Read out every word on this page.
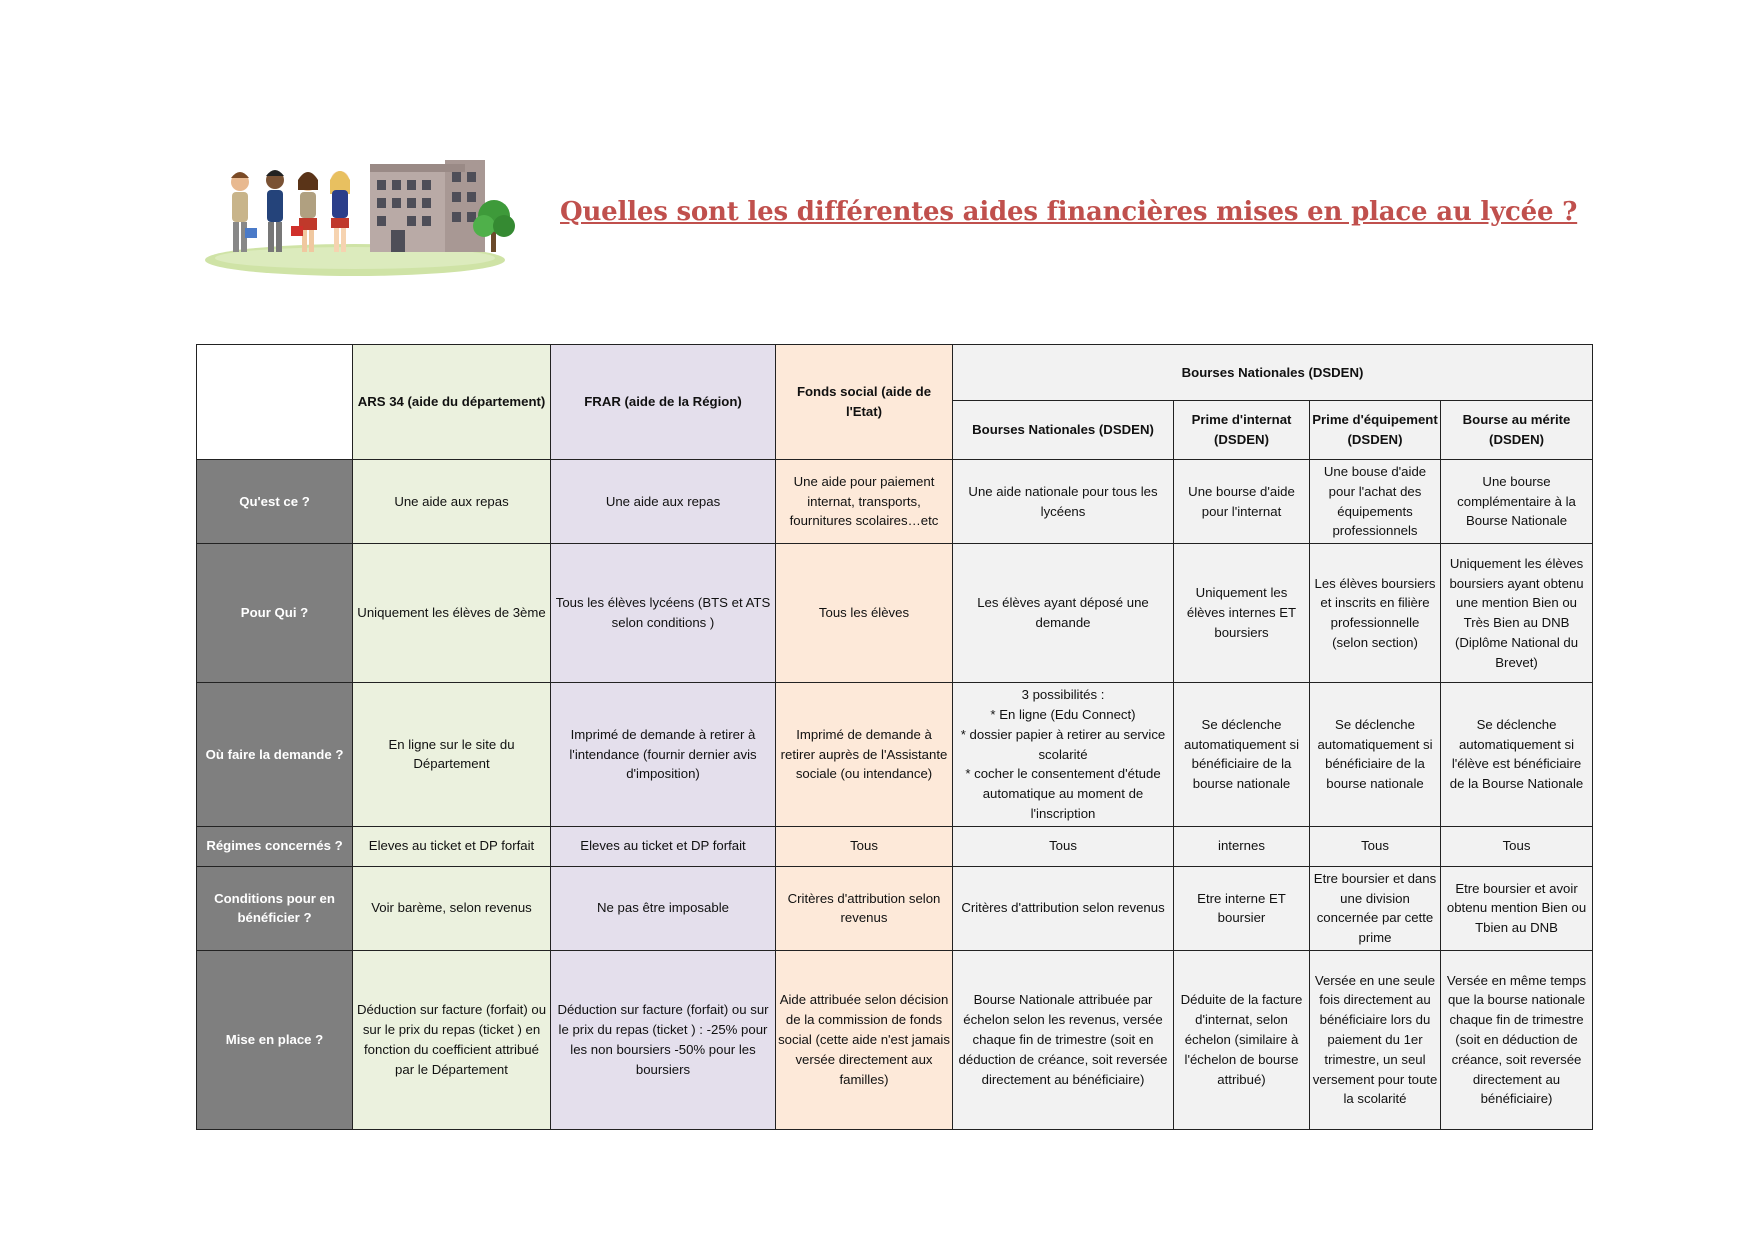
Quelles sont les différentes aides financières mises en place au lycée ?
	ARS 34 (aide du département)	FRAR (aide de la Région)	Fonds social (aide de l'Etat)	Bourses Nationales (DSDEN)			
				Bourses Nationales (DSDEN)	Prime d'internat (DSDEN)	Prime d'équipement (DSDEN)	Bourse au mérite (DSDEN)
Qu'est ce ?	Une aide aux repas	Une aide aux repas	Une aide pour paiement internat, transports, fournitures scolaires…etc	Une aide nationale pour tous les lycéens	Une bourse d'aide pour l'internat	Une bouse d'aide pour l'achat des équipements professionnels	Une bourse complémentaire à la Bourse Nationale
Pour Qui ?	Uniquement les élèves de 3ème	Tous les élèves lycéens (BTS et ATS selon conditions )	Tous les élèves	Les élèves ayant déposé une demande	Uniquement les élèves internes ET boursiers	Les élèves boursiers et inscrits en filière professionnelle (selon section)	Uniquement les élèves boursiers ayant obtenu une mention Bien ou Très Bien au DNB (Diplôme National du Brevet)
Où faire la demande ?	En ligne sur le site du Département	Imprimé de demande à retirer à l'intendance (fournir dernier avis d'imposition)	Imprimé de demande à retirer auprès de l'Assistante sociale (ou intendance)	3 possibilités :
* En ligne (Edu Connect)
* dossier papier à retirer au service scolarité
* cocher le consentement d'étude automatique au moment de l'inscription	Se déclenche automatiquement si bénéficiaire de la bourse nationale	Se déclenche automatiquement si bénéficiaire de la bourse nationale	Se déclenche automatiquement si l'élève est bénéficiaire de la Bourse Nationale
Régimes concernés ?	Eleves au ticket et DP forfait	Eleves au ticket et DP forfait	Tous	Tous	internes	Tous	Tous
Conditions pour en bénéficier ?	Voir barème, selon revenus	Ne pas être imposable	Critères d'attribution selon revenus	Critères d'attribution selon revenus	Etre interne ET boursier	Etre boursier et dans une division concernée par cette prime	Etre boursier et avoir obtenu mention Bien ou Tbien au DNB
Mise en place ?	Déduction sur facture (forfait) ou sur le prix du repas (ticket ) en fonction du coefficient attribué par le Département	Déduction sur facture (forfait) ou sur le prix du repas (ticket ) : -25% pour les non boursiers -50% pour les boursiers	Aide attribuée selon décision de la commission de fonds social (cette aide n'est jamais versée directement aux familles)	Bourse Nationale attribuée par échelon selon les revenus, versée chaque fin de trimestre (soit en déduction de créance, soit reversée directement au bénéficiaire)	Déduite de la facture d'internat, selon échelon (similaire à l'échelon de bourse attribué)	Versée en une seule fois directement au bénéficiaire lors du paiement du 1er trimestre, un seul versement pour toute la scolarité	Versée en même temps que la bourse nationale chaque fin de trimestre (soit en déduction de créance, soit reversée directement au bénéficiaire)
